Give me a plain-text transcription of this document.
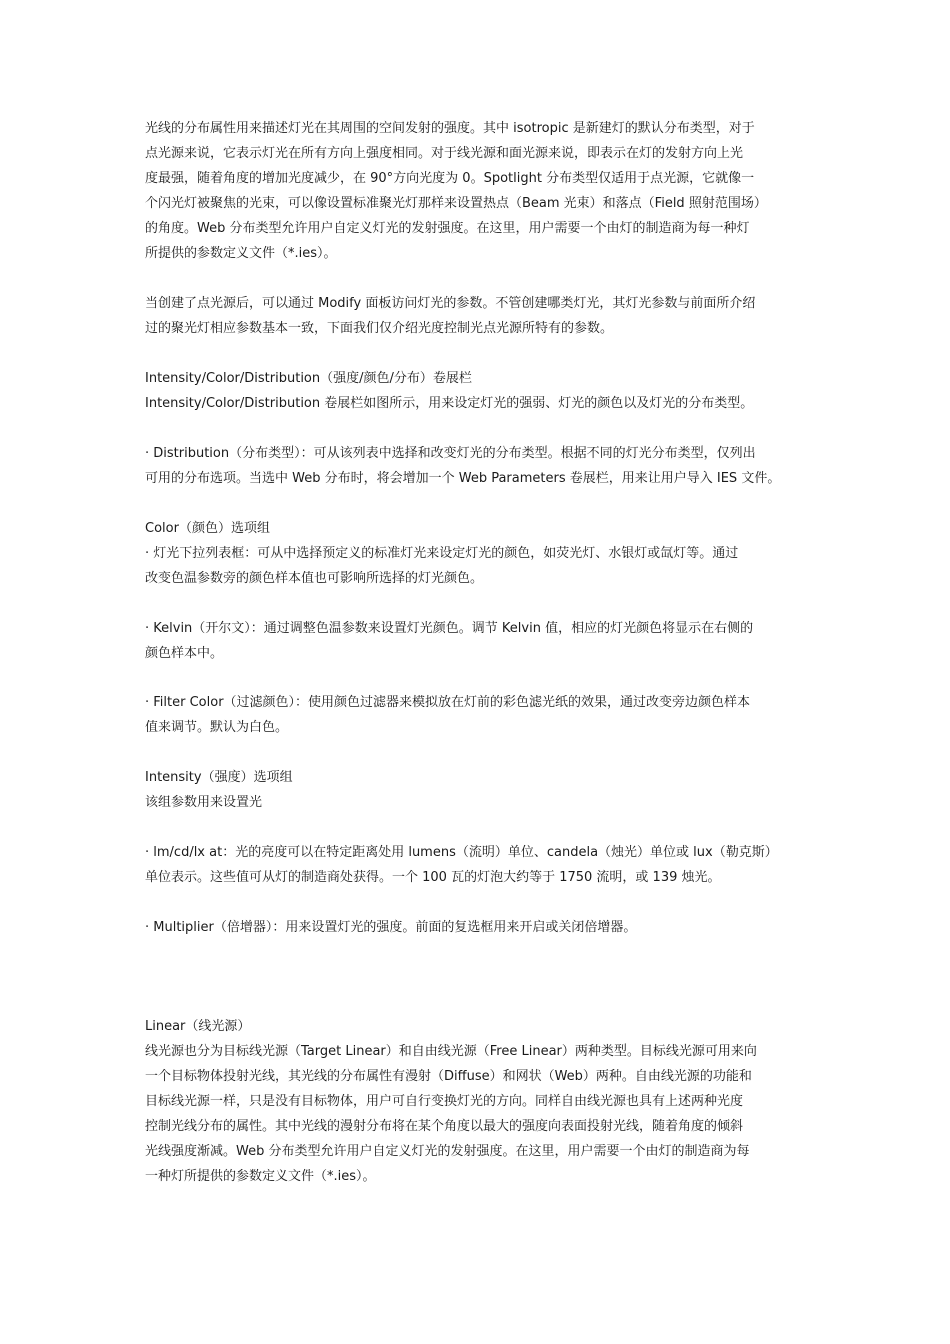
光线的分布属性用来描述灯光在其周围的空间发射的强度。其中 isotropic 是新建灯的默认分布类型，对于

点光源来说，它表示灯光在所有方向上强度相同。对于线光源和面光源来说，即表示在灯的发射方向上光

度最强，随着角度的增加光度减少，在 90°方向光度为 0。Spotlight 分布类型仅适用于点光源，它就像一

个闪光灯被聚焦的光束，可以像设置标准聚光灯那样来设置热点（Beam 光束）和落点（Field 照射范围场）

的角度。Web 分布类型允许用户自定义灯光的发射强度。在这里，用户需要一个由灯的制造商为每一种灯

所提供的参数定义文件（*.ies）。

当创建了点光源后，可以通过 Modify 面板访问灯光的参数。不管创建哪类灯光，其灯光参数与前面所介绍

过的聚光灯相应参数基本一致，下面我们仅介绍光度控制光点光源所特有的参数。

Intensity/Color/Distribution（强度/颜色/分布）卷展栏

Intensity/Color/Distribution 卷展栏如图所示，用来设定灯光的强弱、灯光的颜色以及灯光的分布类型。

· Distribution（分布类型）：可从该列表中选择和改变灯光的分布类型。根据不同的灯光分布类型，仅列出

可用的分布选项。当选中 Web 分布时，将会增加一个 Web Parameters 卷展栏，用来让用户导入 IES 文件。

Color（颜色）选项组

· 灯光下拉列表框：可从中选择预定义的标准灯光来设定灯光的颜色，如荧光灯、水银灯或氙灯等。通过

改变色温参数旁的颜色样本值也可影响所选择的灯光颜色。

· Kelvin（开尔文）：通过调整色温参数来设置灯光颜色。调节 Kelvin 值，相应的灯光颜色将显示在右侧的

颜色样本中。

· Filter Color（过滤颜色）：使用颜色过滤器来模拟放在灯前的彩色滤光纸的效果，通过改变旁边颜色样本

值来调节。默认为白色。

Intensity（强度）选项组

该组参数用来设置光

· lm/cd/lx at：光的亮度可以在特定距离处用 lumens（流明）单位、candela（烛光）单位或 lux（勒克斯）

单位表示。这些值可从灯的制造商处获得。一个 100 瓦的灯泡大约等于 1750 流明，或 139 烛光。

· Multiplier（倍增器）：用来设置灯光的强度。前面的复选框用来开启或关闭倍增器。

Linear（线光源）

线光源也分为目标线光源（Target Linear）和自由线光源（Free Linear）两种类型。目标线光源可用来向

一个目标物体投射光线，其光线的分布属性有漫射（Diffuse）和网状（Web）两种。自由线光源的功能和

目标线光源一样，只是没有目标物体，用户可自行变换灯光的方向。同样自由线光源也具有上述两种光度

控制光线分布的属性。其中光线的漫射分布将在某个角度以最大的强度向表面投射光线，随着角度的倾斜

光线强度渐减。Web 分布类型允许用户自定义灯光的发射强度。在这里，用户需要一个由灯的制造商为每

一种灯所提供的参数定义文件（*.ies）。
